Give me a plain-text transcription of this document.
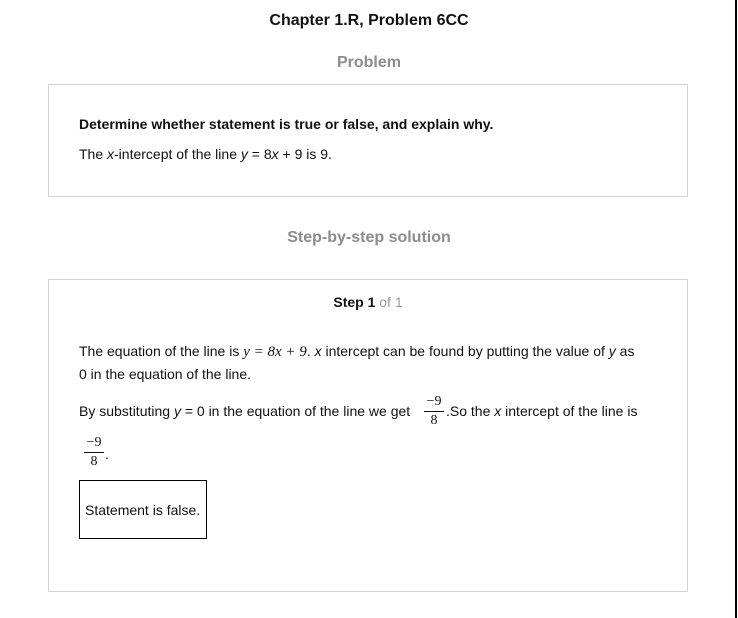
Chapter 1.R, Problem 6CC
Problem
Determine whether statement is true or false, and explain why.
The x-intercept of the line y = 8x + 9 is 9.
Step-by-step solution
Step 1 of 1
The equation of the line is y = 8x + 9. x intercept can be found by putting the value of y as
0 in the equation of the line.
By substituting y = 0 in the equation of the line we get
−9
8
.So the x intercept of the line is
−9
8 .
Statement is false.
